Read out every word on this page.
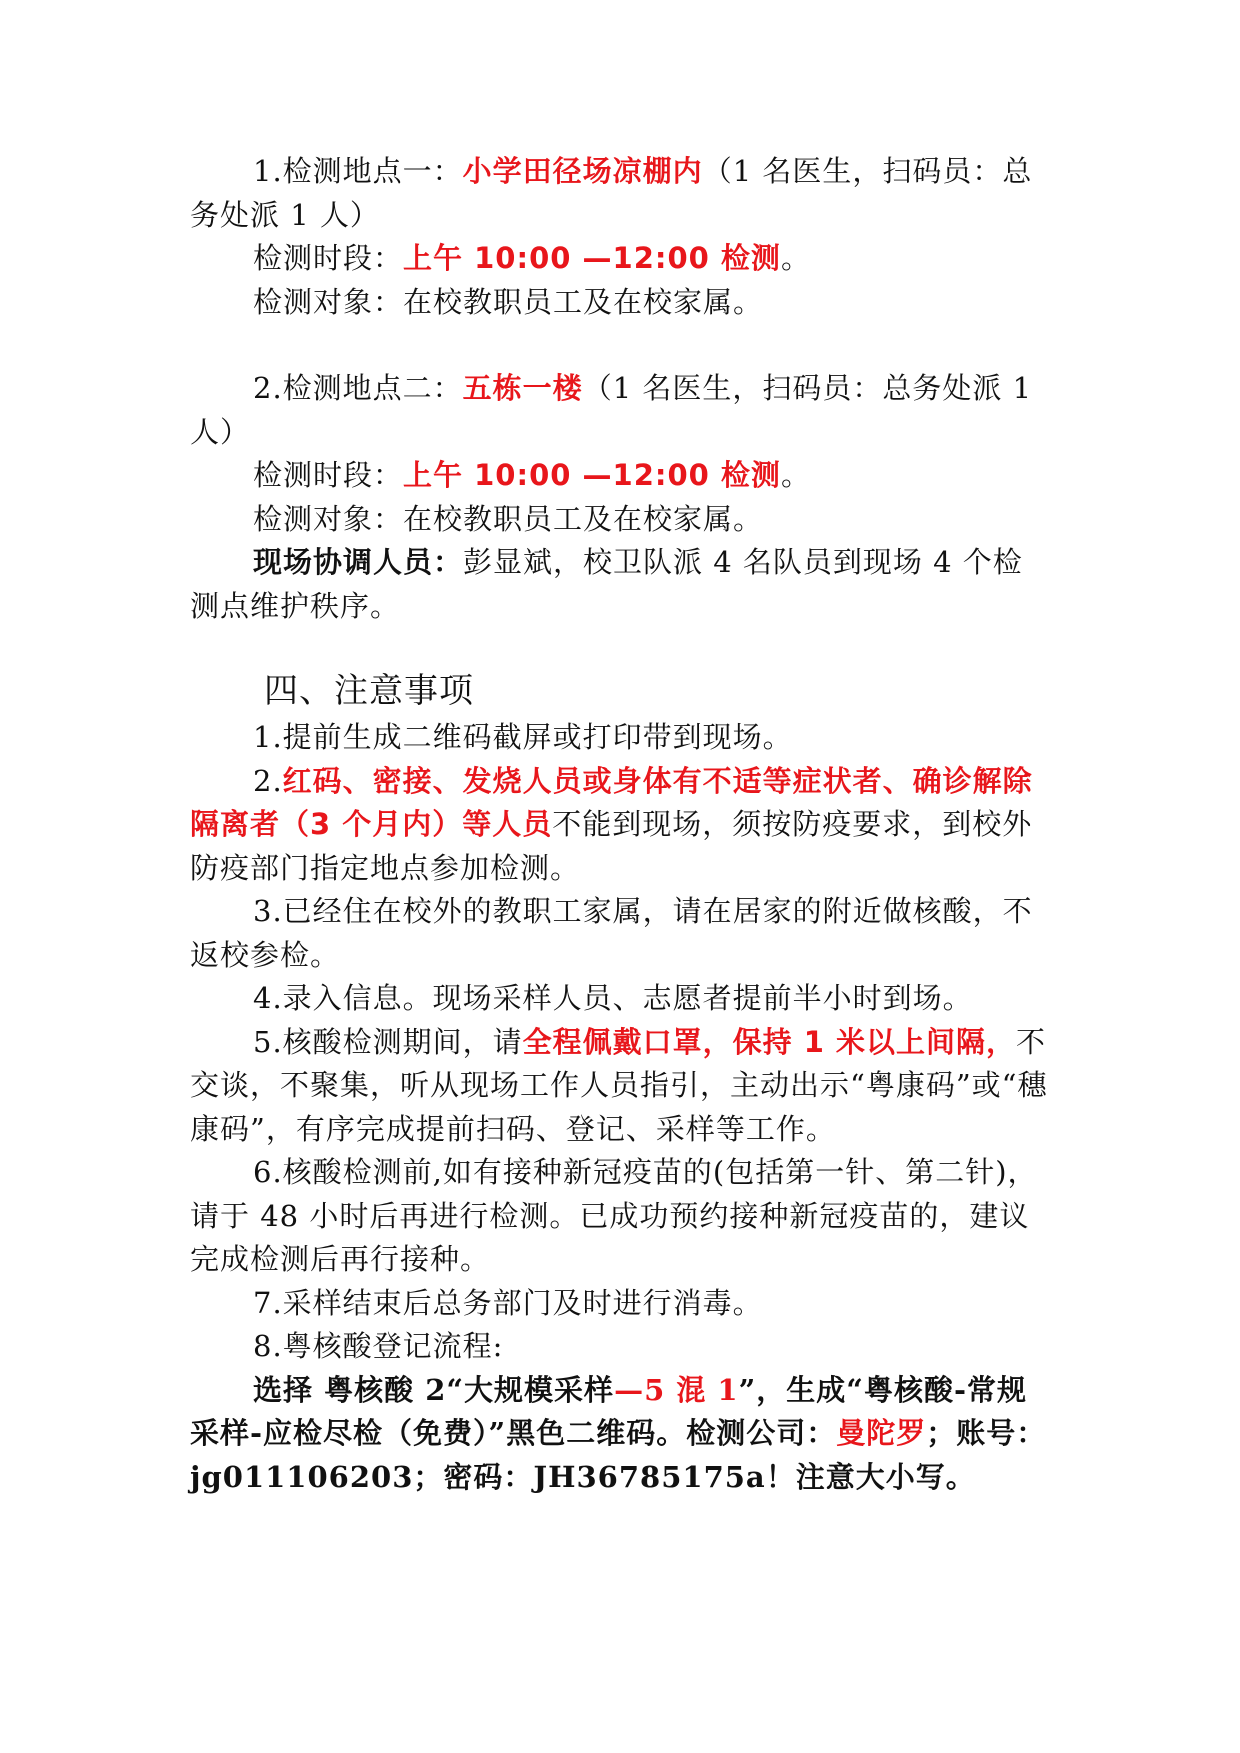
1.检测地点一：小学田径场凉棚内（1 名医生，扫码员：总务处派 1 人）

检测时段：上午 10:00 —12:00 检测。

检测对象：在校教职员工及在校家属。

2.检测地点二：五栋一楼（1 名医生，扫码员：总务处派 1 人）

检测时段：上午 10:00 —12:00 检测。

检测对象：在校教职员工及在校家属。

现场协调人员：彭显斌，校卫队派 4 名队员到现场 4 个检测点维护秩序。

四、注意事项

1.提前生成二维码截屏或打印带到现场。

2.红码、密接、发烧人员或身体有不适等症状者、确诊解除隔离者（3 个月内）等人员不能到现场，须按防疫要求，到校外防疫部门指定地点参加检测。

3.已经住在校外的教职工家属，请在居家的附近做核酸，不返校参检。

4.录入信息。现场采样人员、志愿者提前半小时到场。

5.核酸检测期间，请全程佩戴口罩，保持 1 米以上间隔，不交谈，不聚集，听从现场工作人员指引，主动出示“粤康码”或“穗康码”，有序完成提前扫码、登记、采样等工作。

6.核酸检测前,如有接种新冠疫苗的(包括第一针、第二针)，请于 48 小时后再进行检测。已成功预约接种新冠疫苗的，建议完成检测后再行接种。

7.采样结束后总务部门及时进行消毒。

8.粤核酸登记流程:

选择 粤核酸 2“大规模采样—5 混 1”，生成“粤核酸-常规采样-应检尽检（免费）”黑色二维码。检测公司：曼陀罗；账号：jg011106203；密码：JH36785175a！注意大小写。
